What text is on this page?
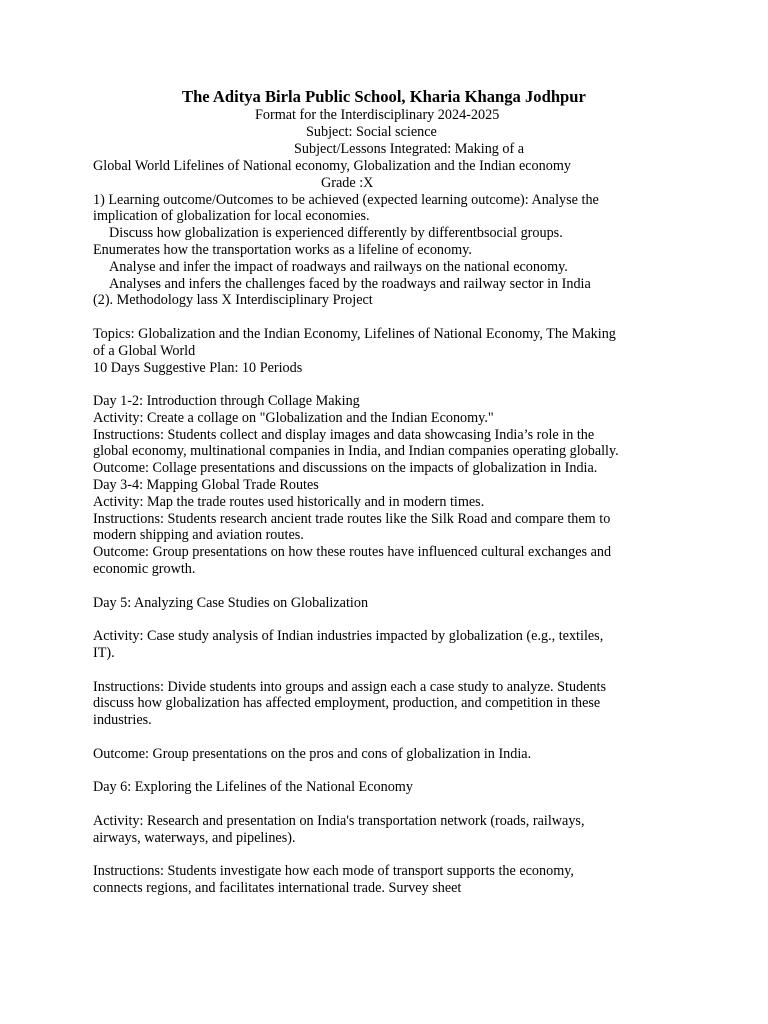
The Aditya Birla Public School, Kharia Khanga Jodhpur
Format for the Interdisciplinary 2024-2025
Subject: Social science
Subject/Lessons Integrated: Making of a
Global World Lifelines of National economy, Globalization and the Indian economy
Grade :X
1) Learning outcome/Outcomes to be achieved (expected learning outcome): Analyse the
implication of globalization for local economies.
Discuss how globalization is experienced differently by differentbsocial groups.
Enumerates how the transportation works as a lifeline of economy.
Analyse and infer the impact of roadways and railways on the national economy.
Analyses and infers the challenges faced by the roadways and railway sector in India
(2). Methodology lass X Interdisciplinary Project
Topics: Globalization and the Indian Economy, Lifelines of National Economy, The Making
of a Global World
10 Days Suggestive Plan: 10 Periods
Day 1-2: Introduction through Collage Making
Activity: Create a collage on "Globalization and the Indian Economy."
Instructions: Students collect and display images and data showcasing India’s role in the
global economy, multinational companies in India, and Indian companies operating globally.
Outcome: Collage presentations and discussions on the impacts of globalization in India.
Day 3-4: Mapping Global Trade Routes
Activity: Map the trade routes used historically and in modern times.
Instructions: Students research ancient trade routes like the Silk Road and compare them to
modern shipping and aviation routes.
Outcome: Group presentations on how these routes have influenced cultural exchanges and
economic growth.
Day 5: Analyzing Case Studies on Globalization
Activity: Case study analysis of Indian industries impacted by globalization (e.g., textiles,
IT).
Instructions: Divide students into groups and assign each a case study to analyze. Students
discuss how globalization has affected employment, production, and competition in these
industries.
Outcome: Group presentations on the pros and cons of globalization in India.
Day 6: Exploring the Lifelines of the National Economy
Activity: Research and presentation on India's transportation network (roads, railways,
airways, waterways, and pipelines).
Instructions: Students investigate how each mode of transport supports the economy,
connects regions, and facilitates international trade. Survey sheet
